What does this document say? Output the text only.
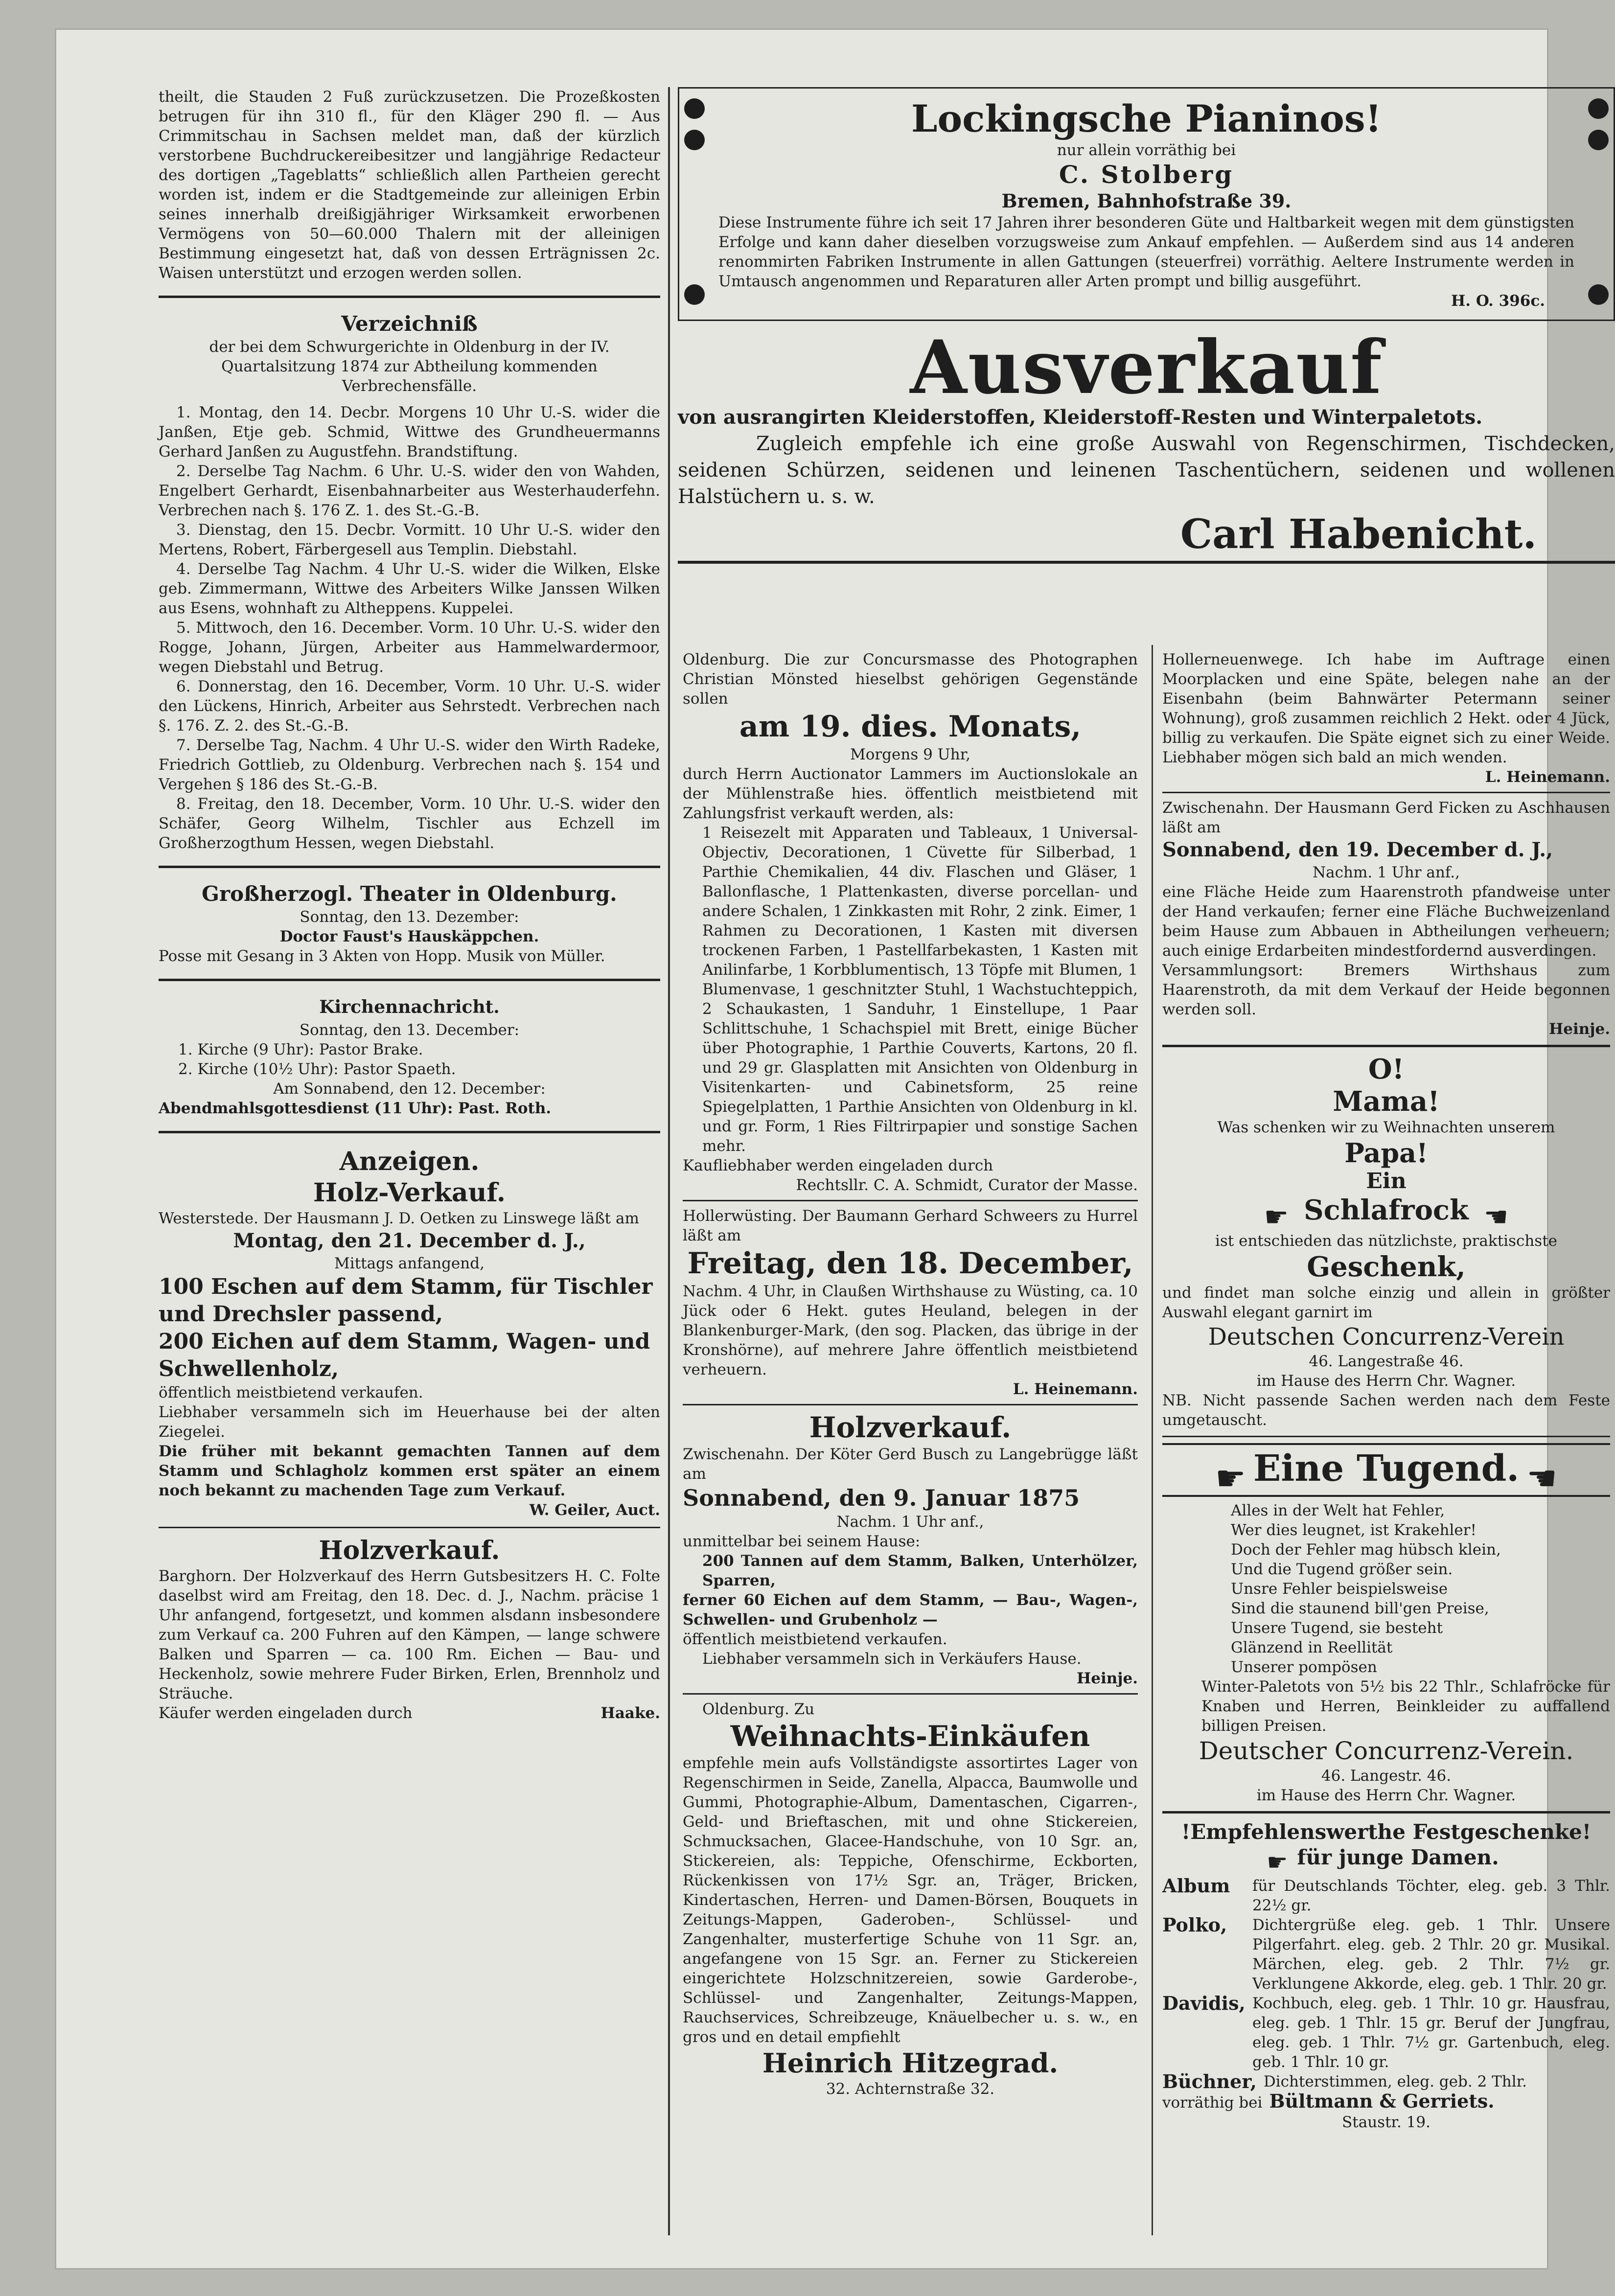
theilt, die Stauden 2 Fuß zurückzusetzen. Die Prozeßkosten betrugen für ihn 310 fl., für den Kläger 290 fl. — Aus Crimmitschau in Sachsen meldet man, daß der kürzlich verstorbene Buchdruckereibesitzer und langjährige Redacteur des dortigen „Tageblatts“ schließlich allen Partheien gerecht worden ist, indem er die Stadtgemeinde zur alleinigen Erbin seines innerhalb dreißigjähriger Wirksamkeit erworbenen Vermögens von 50—60.000 Thalern mit der alleinigen Bestimmung eingesetzt hat, daß von dessen Erträgnissen 2c. Waisen unterstützt und erzogen werden sollen.

Verzeichniß

der bei dem Schwurgerichte in Oldenburg in der IV. Quartalsitzung 1874 zur Abtheilung kommenden Verbrechensfälle.

1. Montag, den 14. Decbr. Morgens 10 Uhr U.-S. wider die Janßen, Etje geb. Schmid, Wittwe des Grundheuermanns Gerhard Janßen zu Augustfehn. Brandstiftung.

2. Derselbe Tag Nachm. 6 Uhr. U.-S. wider den von Wahden, Engelbert Gerhardt, Eisenbahnarbeiter aus Westerhauderfehn. Verbrechen nach §. 176 Z. 1. des St.-G.-B.

3. Dienstag, den 15. Decbr. Vormitt. 10 Uhr U.-S. wider den Mertens, Robert, Färbergesell aus Templin. Diebstahl.

4. Derselbe Tag Nachm. 4 Uhr U.-S. wider die Wilken, Elske geb. Zimmermann, Wittwe des Arbeiters Wilke Janssen Wilken aus Esens, wohnhaft zu Altheppens. Kuppelei.

5. Mittwoch, den 16. December. Vorm. 10 Uhr. U.-S. wider den Rogge, Johann, Jürgen, Arbeiter aus Hammelwardermoor, wegen Diebstahl und Betrug.

6. Donnerstag, den 16. December, Vorm. 10 Uhr. U.-S. wider den Lückens, Hinrich, Arbeiter aus Sehrstedt. Verbrechen nach §. 176. Z. 2. des St.-G.-B.

7. Derselbe Tag, Nachm. 4 Uhr U.-S. wider den Wirth Radeke, Friedrich Gottlieb, zu Oldenburg. Verbrechen nach §. 154 und Vergehen § 186 des St.-G.-B.

8. Freitag, den 18. December, Vorm. 10 Uhr. U.-S. wider den Schäfer, Georg Wilhelm, Tischler aus Echzell im Großherzogthum Hessen, wegen Diebstahl.

Großherzogl. Theater in Oldenburg.

Sonntag, den 13. Dezember:

Doctor Faust's Hauskäppchen.

Posse mit Gesang in 3 Akten von Hopp. Musik von Müller.

Kirchennachricht.

Sonntag, den 13. December:

1. Kirche (9 Uhr): Pastor Brake.

2. Kirche (10½ Uhr): Pastor Spaeth.

Am Sonnabend, den 12. December:

Abendmahlsgottesdienst (11 Uhr): Past. Roth.

Anzeigen.

Holz-Verkauf.

Westerstede. Der Hausmann J. D. Oetken zu Linswege läßt am

Montag, den 21. December d. J.,

Mittags anfangend,

100 Eschen auf dem Stamm, für Tischler und Drechsler passend,

200 Eichen auf dem Stamm, Wagen- und Schwellenholz,

öffentlich meistbietend verkaufen.

Liebhaber versammeln sich im Heuerhause bei der alten Ziegelei.

Die früher mit bekannt gemachten Tannen auf dem Stamm und Schlagholz kommen erst später an einem noch bekannt zu machenden Tage zum Verkauf.

W. Geiler, Auct.

Holzverkauf.

Barghorn. Der Holzverkauf des Herrn Gutsbesitzers H. C. Folte daselbst wird am Freitag, den 18. Dec. d. J., Nachm. präcise 1 Uhr anfangend, fortgesetzt, und kommen alsdann insbesondere zum Verkauf ca. 200 Fuhren auf den Kämpen, — lange schwere Balken und Sparren — ca. 100 Rm. Eichen — Bau- und Heckenholz, sowie mehrere Fuder Birken, Erlen, Brennholz und Sträuche.

Käufer werden eingeladen durch	Haake.

Lockingsche Pianinos!

nur allein vorräthig bei

C. Stolberg

Bremen, Bahnhofstraße 39.

Diese Instrumente führe ich seit 17 Jahren ihrer besonderen Güte und Haltbarkeit wegen mit dem günstigsten Erfolge und kann daher dieselben vorzugsweise zum Ankauf empfehlen. — Außerdem sind aus 14 anderen renommirten Fabriken Instrumente in allen Gattungen (steuerfrei) vorräthig. Aeltere Instrumente werden in Umtausch angenommen und Reparaturen aller Arten prompt und billig ausgeführt.

H. O. 396c.

Ausverkauf

von ausrangirten Kleiderstoffen, Kleiderstoff-Resten und Winterpaletots.

Zugleich empfehle ich eine große Auswahl von Regenschirmen, Tischdecken, seidenen Schürzen, seidenen und leinenen Taschentüchern, seidenen und wollenen Halstüchern u. s. w.

Carl Habenicht.

Oldenburg. Die zur Concursmasse des Photographen Christian Mönsted hieselbst gehörigen Gegenstände sollen

am 19. dies. Monats,

Morgens 9 Uhr,

durch Herrn Auctionator Lammers im Auctionslokale an der Mühlenstraße hies. öffentlich meistbietend mit Zahlungsfrist verkauft werden, als:

1 Reisezelt mit Apparaten und Tableaux, 1 Universal-Objectiv, Decorationen, 1 Cüvette für Silberbad, 1 Parthie Chemikalien, 44 div. Flaschen und Gläser, 1 Ballonflasche, 1 Plattenkasten, diverse porcellan- und andere Schalen, 1 Zinkkasten mit Rohr, 2 zink. Eimer, 1 Rahmen zu Decorationen, 1 Kasten mit diversen trockenen Farben, 1 Pastellfarbekasten, 1 Kasten mit Anilinfarbe, 1 Korbblumentisch, 13 Töpfe mit Blumen, 1 Blumenvase, 1 geschnitzter Stuhl, 1 Wachstuchteppich, 2 Schaukasten, 1 Sanduhr, 1 Einstellupe, 1 Paar Schlittschuhe, 1 Schachspiel mit Brett, einige Bücher über Photographie, 1 Parthie Couverts, Kartons, 20 fl. und 29 gr. Glasplatten mit Ansichten von Oldenburg in Visitenkarten- und Cabinetsform, 25 reine Spiegelplatten, 1 Parthie Ansichten von Oldenburg in kl. und gr. Form, 1 Ries Filtrirpapier und sonstige Sachen mehr.

Kaufliebhaber werden eingeladen durch

Rechtsllr. C. A. Schmidt, Curator der Masse.

Hollerwüsting. Der Baumann Gerhard Schweers zu Hurrel läßt am

Freitag, den 18. December,

Nachm. 4 Uhr, in Claußen Wirthshause zu Wüsting, ca. 10 Jück oder 6 Hekt. gutes Heuland, belegen in der Blankenburger-Mark, (den sog. Placken, das übrige in der Kronshörne), auf mehrere Jahre öffentlich meistbietend verheuern.

L. Heinemann.

Holzverkauf.

Zwischenahn. Der Köter Gerd Busch zu Langebrügge läßt am

Sonnabend, den 9. Januar 1875

Nachm. 1 Uhr anf.,

unmittelbar bei seinem Hause:

200 Tannen auf dem Stamm, Balken, Unterhölzer, Sparren,

ferner 60 Eichen auf dem Stamm, — Bau-, Wagen-, Schwellen- und Grubenholz —

öffentlich meistbietend verkaufen.

Liebhaber versammeln sich in Verkäufers Hause.

Heinje.

Oldenburg. Zu

Weihnachts-Einkäufen

empfehle mein aufs Vollständigste assortirtes Lager von Regenschirmen in Seide, Zanella, Alpacca, Baumwolle und Gummi, Photographie-Album, Damentaschen, Cigarren-, Geld- und Brieftaschen, mit und ohne Stickereien, Schmucksachen, Glacee-Handschuhe, von 10 Sgr. an, Stickereien, als: Teppiche, Ofenschirme, Eckborten, Rückenkissen von 17½ Sgr. an, Träger, Bricken, Kindertaschen, Herren- und Damen-Börsen, Bouquets in Zeitungs-Mappen, Gaderoben-, Schlüssel- und Zangenhalter, musterfertige Schuhe von 11 Sgr. an, angefangene von 15 Sgr. an. Ferner zu Stickereien eingerichtete Holzschnitzereien, sowie Garderobe-, Schlüssel- und Zangenhalter, Zeitungs-Mappen, Rauchservices, Schreibzeuge, Knäuelbecher u. s. w., en gros und en detail empfiehlt

Heinrich Hitzegrad.

32. Achternstraße 32.

Hollerneuenwege. Ich habe im Auftrage einen Moorplacken und eine Späte, belegen nahe an der Eisenbahn (beim Bahnwärter Petermann seiner Wohnung), groß zusammen reichlich 2 Hekt. oder 4 Jück, billig zu verkaufen. Die Späte eignet sich zu einer Weide. Liebhaber mögen sich bald an mich wenden.

L. Heinemann.

Zwischenahn. Der Hausmann Gerd Ficken zu Aschhausen läßt am

Sonnabend, den 19. December d. J.,

Nachm. 1 Uhr anf.,

eine Fläche Heide zum Haarenstroth pfandweise unter der Hand verkaufen; ferner eine Fläche Buchweizenland beim Hause zum Abbauen in Abtheilungen verheuern; auch einige Erdarbeiten mindestfordernd ausverdingen.

Versammlungsort: Bremers Wirthshaus zum Haarenstroth, da mit dem Verkauf der Heide begonnen werden soll.

Heinje.

O!

Mama!

Was schenken wir zu Weihnachten unserem

Papa!

Ein

☛ Schlafrock ☚

ist entschieden das nützlichste, praktischste

Geschenk,

und findet man solche einzig und allein in größter Auswahl elegant garnirt im

Deutschen Concurrenz-Verein

46. Langestraße 46.

im Hause des Herrn Chr. Wagner.

NB. Nicht passende Sachen werden nach dem Feste umgetauscht.

☛ Eine Tugend. ☚

Alles in der Welt hat Fehler,

Wer dies leugnet, ist Krakehler!

Doch der Fehler mag hübsch klein,

Und die Tugend größer sein.

Unsre Fehler beispielsweise

Sind die staunend bill'gen Preise,

Unsere Tugend, sie besteht

Glänzend in Reellität

Unserer pompösen

Winter-Paletots von 5½ bis 22 Thlr., Schlafröcke für Knaben und Herren, Beinkleider zu auffallend billigen Preisen.

Deutscher Concurrenz-Verein.

46. Langestr. 46.

im Hause des Herrn Chr. Wagner.

!Empfehlenswerthe Festgeschenke!

☛ für junge Damen.

Album	für Deutschlands Töchter, eleg. geb. 3 Thlr. 22½ gr.

Polko,	Dichtergrüße eleg. geb. 1 Thlr. Unsere Pilgerfahrt. eleg. geb. 2 Thlr. 20 gr. Musikal. Märchen, eleg. geb. 2 Thlr. 7½ gr. Verklungene Akkorde, eleg. geb. 1 Thlr. 20 gr.

Davidis, Kochbuch, eleg. geb. 1 Thlr. 10 gr. Hausfrau, eleg. geb. 1 Thlr. 15 gr. Beruf der Jungfrau, eleg. geb. 1 Thlr. 7½ gr. Gartenbuch, eleg. geb. 1 Thlr. 10 gr.

Büchner, Dichterstimmen, eleg. geb. 2 Thlr.

vorräthig bei Bültmann & Gerriets.

Staustr. 19.
